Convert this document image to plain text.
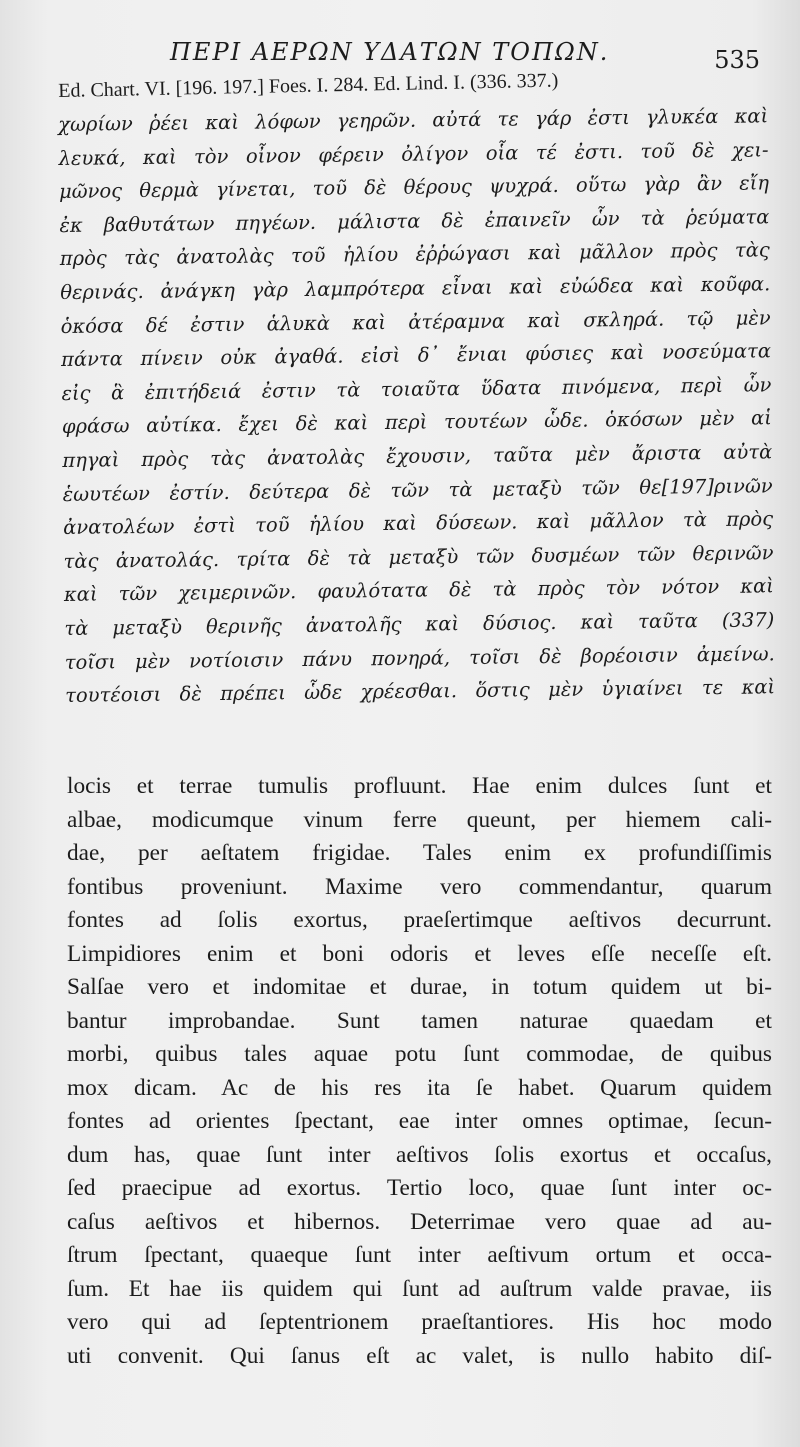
ΠΕΡΙ ΑΕΡΩΝ ΥΔΑΤΩΝ ΤΟΠΩΝ.	535
Ed. Chart. VI. [196. 197.] Foes. I. 284. Ed. Lind. I. (336. 337.)
χωρίων ῥέει καὶ λόφων γεηρῶν. αὐτά τε γάρ ἐστι γλυκέα καὶ
λευκά, καὶ τὸν οἶνον φέρειν ὀλίγον οἷα τέ ἐστι. τοῦ δὲ χει-
μῶνος θερμὰ γίνεται, τοῦ δὲ θέρους ψυχρά. οὕτω γὰρ ἂν εἴη
ἐκ βαθυτάτων πηγέων. μάλιστα δὲ ἐπαινεῖν ὧν τὰ ῥεύματα
πρὸς τὰς ἀνατολὰς τοῦ ἡλίου ἐῤῥώγασι καὶ μᾶλλον πρὸς τὰς
θερινάς. ἀνάγκη γὰρ λαμπρότερα εἶναι καὶ εὐώδεα καὶ κοῦφα.
ὁκόσα δέ ἐστιν ἁλυκὰ καὶ ἀτέραμνα καὶ σκληρά. τῷ μὲν
πάντα πίνειν οὐκ ἀγαθά. εἰσὶ δ᾽ ἔνιαι φύσιες καὶ νοσεύματα
εἰς ἃ ἐπιτήδειά ἐστιν τὰ τοιαῦτα ὕδατα πινόμενα, περὶ ὧν
φράσω αὐτίκα. ἔχει δὲ καὶ περὶ τουτέων ὧδε. ὁκόσων μὲν αἱ
πηγαὶ πρὸς τὰς ἀνατολὰς ἔχουσιν, ταῦτα μὲν ἄριστα αὐτὰ
ἑωυτέων ἐστίν. δεύτερα δὲ τῶν τὰ μεταξὺ τῶν θε[197]ρινῶν
ἀνατολέων ἐστὶ τοῦ ἡλίου καὶ δύσεων. καὶ μᾶλλον τὰ πρὸς
τὰς ἀνατολάς. τρίτα δὲ τὰ μεταξὺ τῶν δυσμέων τῶν θερινῶν
καὶ τῶν χειμερινῶν. φαυλότατα δὲ τὰ πρὸς τὸν νότον καὶ
τὰ μεταξὺ θερινῆς ἀνατολῆς καὶ δύσιος. καὶ ταῦτα (337)
τοῖσι μὲν νοτίοισιν πάνυ πονηρά, τοῖσι δὲ βορέοισιν ἀμείνω.
τουτέοισι δὲ πρέπει ὧδε χρέεσθαι. ὅστις μὲν ὑγιαίνει τε καὶ
locis et terrae tumulis profluunt. Hae enim dulces ſunt et
albae, modicumque vinum ferre queunt, per hiemem cali-
dae, per aeſtatem frigidae. Tales enim ex profundiſſimis
fontibus proveniunt. Maxime vero commendantur, quarum
fontes ad ſolis exortus, praeſertimque aeſtivos decurrunt.
Limpidiores enim et boni odoris et leves eſſe neceſſe eſt.
Salſae vero et indomitae et durae, in totum quidem ut bi-
bantur improbandae. Sunt tamen naturae quaedam et
morbi, quibus tales aquae potu ſunt commodae, de quibus
mox dicam. Ac de his res ita ſe habet. Quarum quidem
fontes ad orientes ſpectant, eae inter omnes optimae, ſecun-
dum has, quae ſunt inter aeſtivos ſolis exortus et occaſus,
ſed praecipue ad exortus. Tertio loco, quae ſunt inter oc-
caſus aeſtivos et hibernos. Deterrimae vero quae ad au-
ſtrum ſpectant, quaeque ſunt inter aeſtivum ortum et occa-
ſum. Et hae iis quidem qui ſunt ad auſtrum valde pravae, iis
vero qui ad ſeptentrionem praeſtantiores. His hoc modo
uti convenit. Qui ſanus eſt ac valet, is nullo habito diſ-
